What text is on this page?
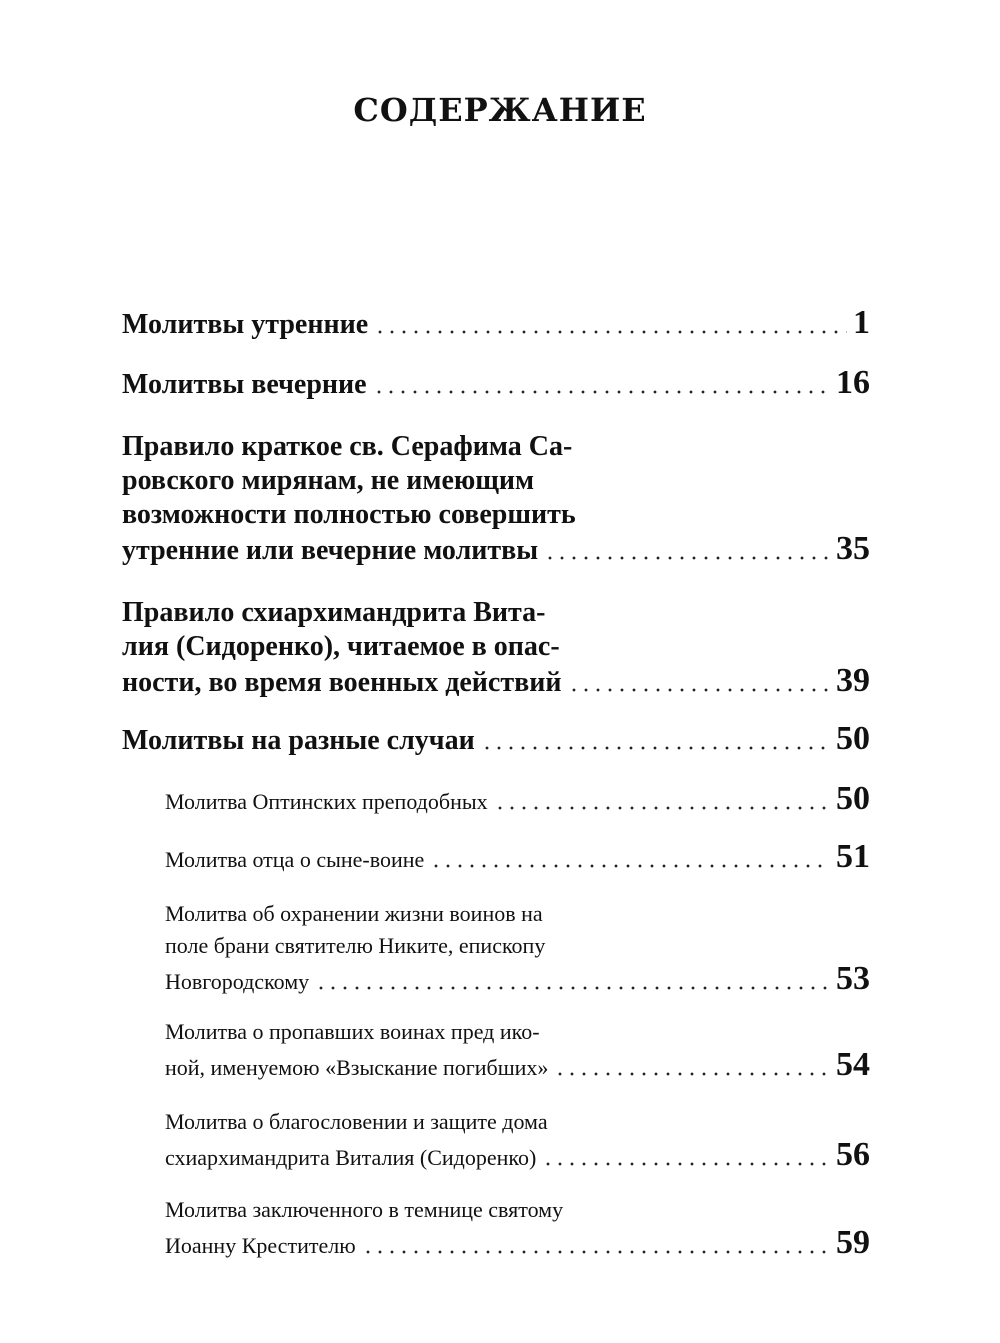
содержание
Молитвы утренние	1
Молитвы вечерние	16
Правило краткое св. Серафима Са-
ровского мирянам, не имеющим
возможности полностью совершить
утренние или вечерние молитвы	35
Правило схиархимандрита Вита-
лия (Сидоренко), читаемое в опас-
ности, во время военных действий	39
Молитвы на разные случаи	50
Молитва Оптинских преподобных	50
Молитва отца о сыне-воине	51
Молитва об охранении жизни воинов на
поле брани святителю Никите, епископу
Новгородскому	53
Молитва о пропавших воинах пред ико-
ной, именуемою «Взыскание погибших»	54
Молитва о благословении и защите дома
схиархимандрита Виталия (Сидоренко)	56
Молитва заключенного в темнице святому
Иоанну Крестителю	59
